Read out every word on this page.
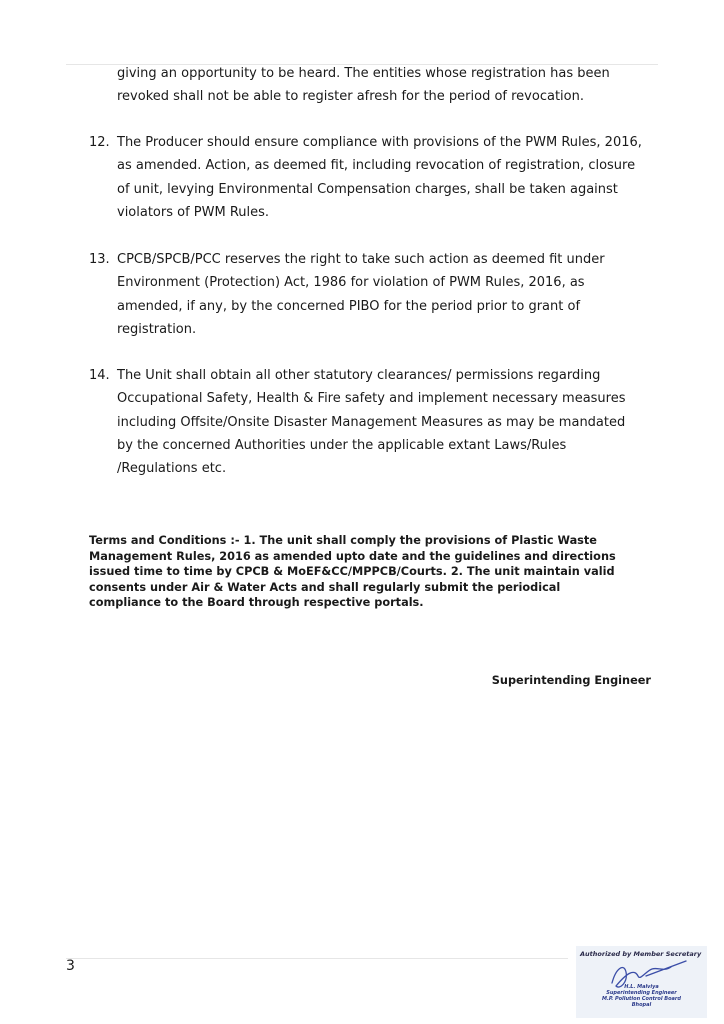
giving an opportunity to be heard. The entities whose registration has been
revoked shall not be able to register afresh for the period of revocation.

12. The Producer should ensure compliance with provisions of the PWM Rules, 2016,
as amended. Action, as deemed fit, including revocation of registration, closure
of unit, levying Environmental Compensation charges, shall be taken against
violators of PWM Rules.
13. CPCB/SPCB/PCC reserves the right to take such action as deemed fit under
Environment (Protection) Act, 1986 for violation of PWM Rules, 2016, as
amended, if any, by the concerned PIBO for the period prior to grant of
registration.
14. The Unit shall obtain all other statutory clearances/ permissions regarding
Occupational Safety, Health & Fire safety and implement necessary measures
including Offsite/Onsite Disaster Management Measures as may be mandated
by the concerned Authorities under the applicable extant Laws/Rules
/Regulations etc.
Terms and Conditions :- 1. The unit shall comply the provisions of Plastic Waste
Management Rules, 2016 as amended upto date and the guidelines and directions
issued time to time by CPCB & MoEF&CC/MPPCB/Courts. 2. The unit maintain valid
consents under Air & Water Acts and shall regularly submit the periodical
compliance to the Board through respective portals.
Superintending Engineer
3
Authorized by Member Secretary
H.L. Malviya
Superintending Engineer
M.P. Pollution Control Board
Bhopal
